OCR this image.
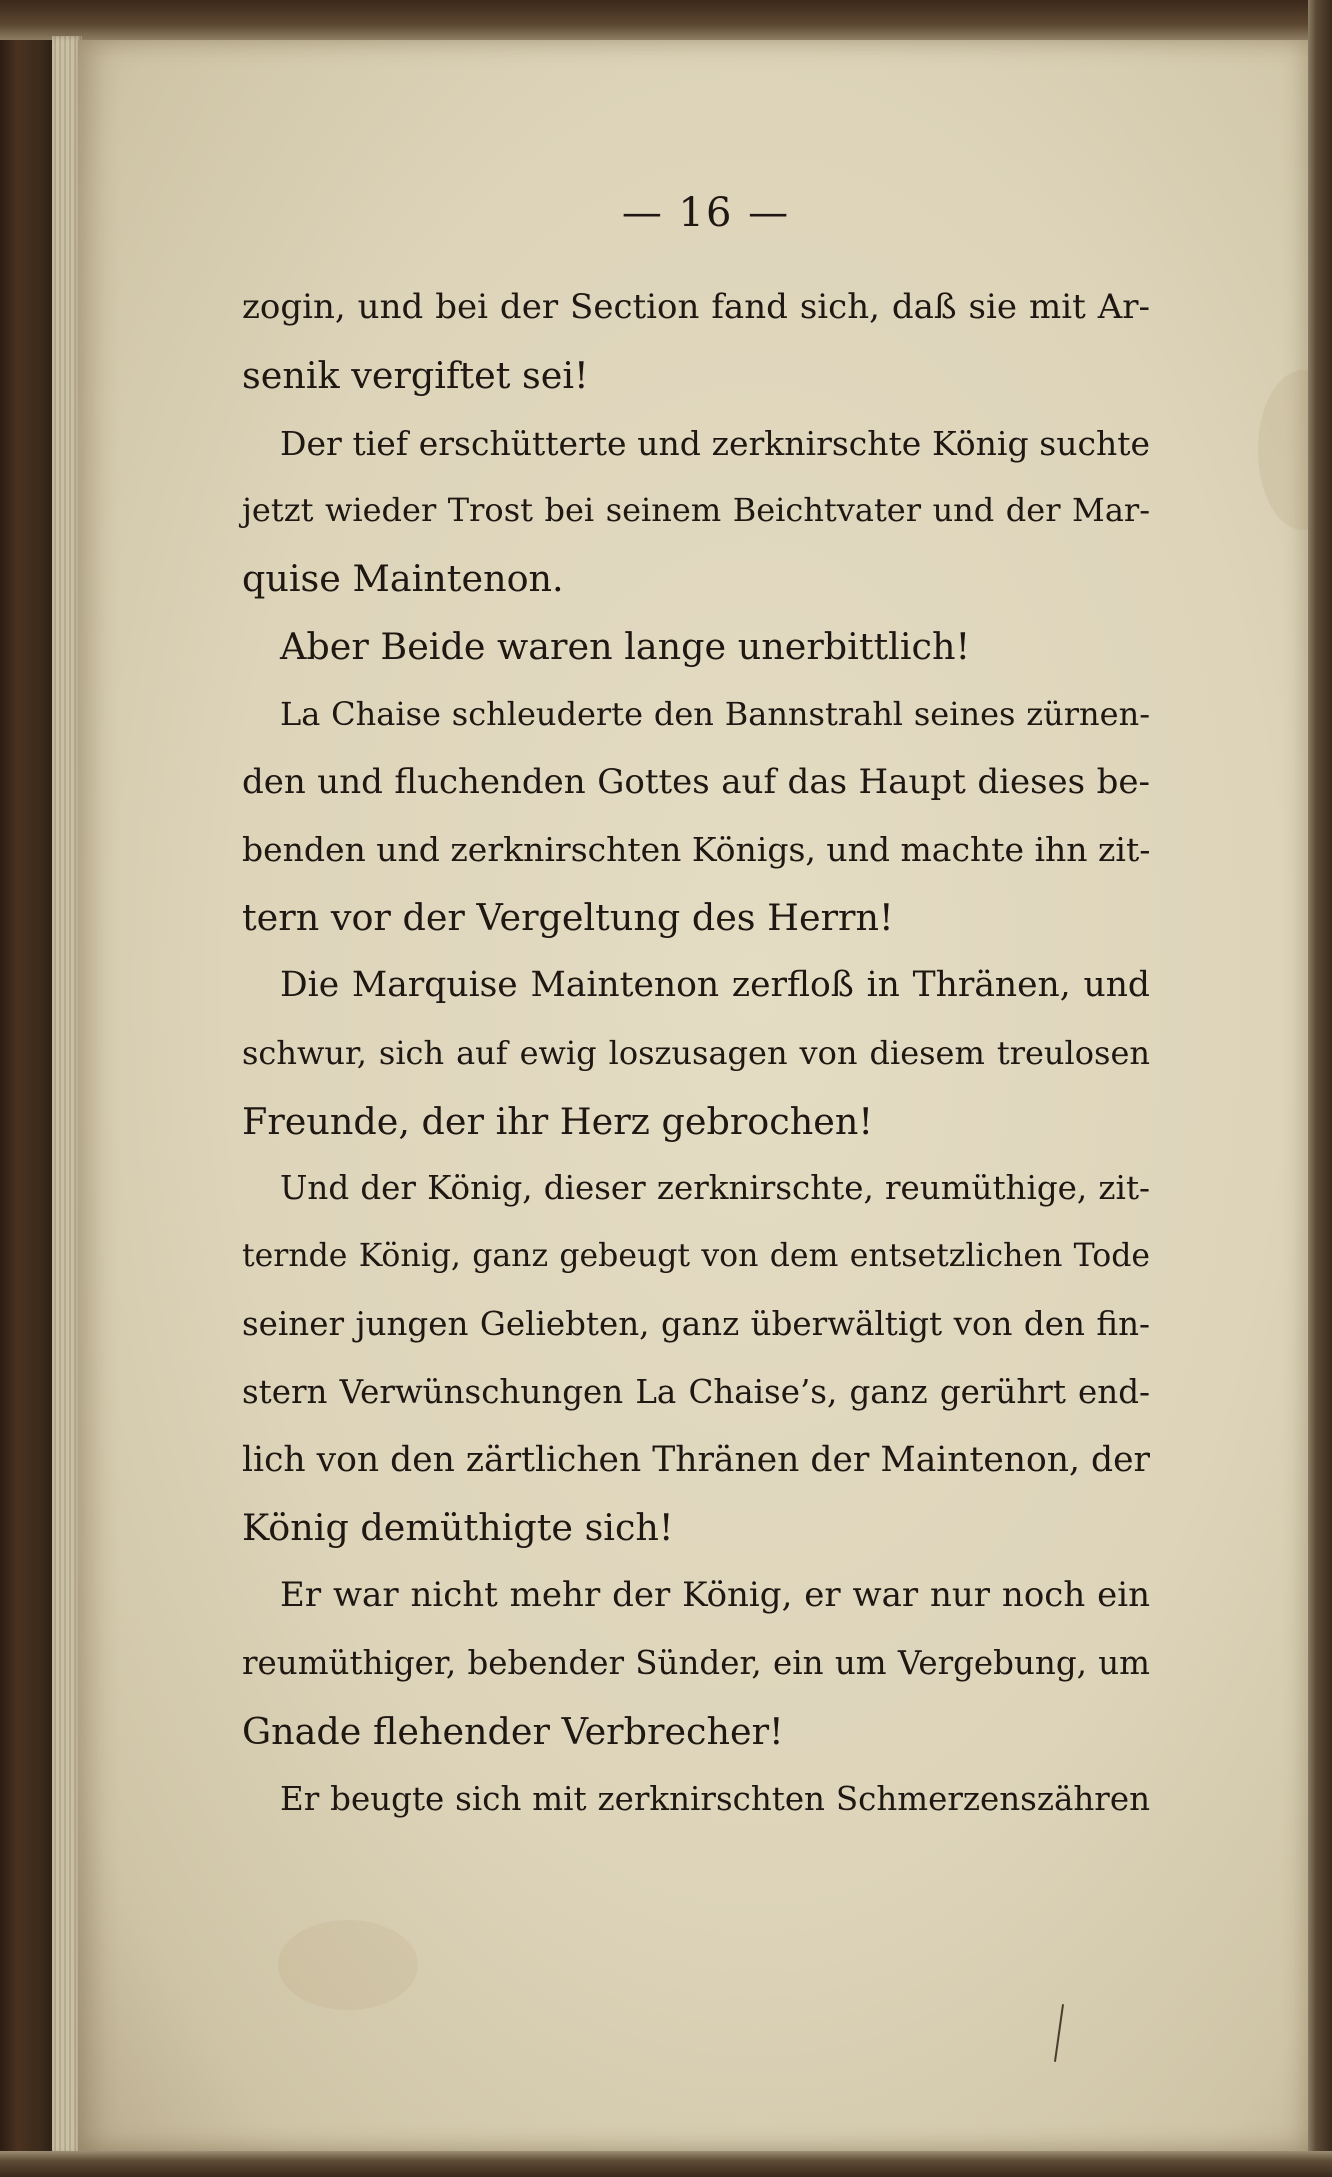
— 16 —
zogin, und bei der Section fand sich, daß sie mit Ar-
senik vergiftet sei!
Der tief erschütterte und zerknirschte König suchte
jetzt wieder Trost bei seinem Beichtvater und der Mar-
quise Maintenon.
Aber Beide waren lange unerbittlich!
La Chaise schleuderte den Bannstrahl seines zürnen-
den und fluchenden Gottes auf das Haupt dieses be-
benden und zerknirschten Königs, und machte ihn zit-
tern vor der Vergeltung des Herrn!
Die Marquise Maintenon zerfloß in Thränen, und
schwur, sich auf ewig loszusagen von diesem treulosen
Freunde, der ihr Herz gebrochen!
Und der König, dieser zerknirschte, reumüthige, zit-
ternde König, ganz gebeugt von dem entsetzlichen Tode
seiner jungen Geliebten, ganz überwältigt von den fin-
stern Verwünschungen La Chaise’s, ganz gerührt end-
lich von den zärtlichen Thränen der Maintenon, der
König demüthigte sich!
Er war nicht mehr der König, er war nur noch ein
reumüthiger, bebender Sünder, ein um Vergebung, um
Gnade flehender Verbrecher!
Er beugte sich mit zerknirschten Schmerzenszähren
